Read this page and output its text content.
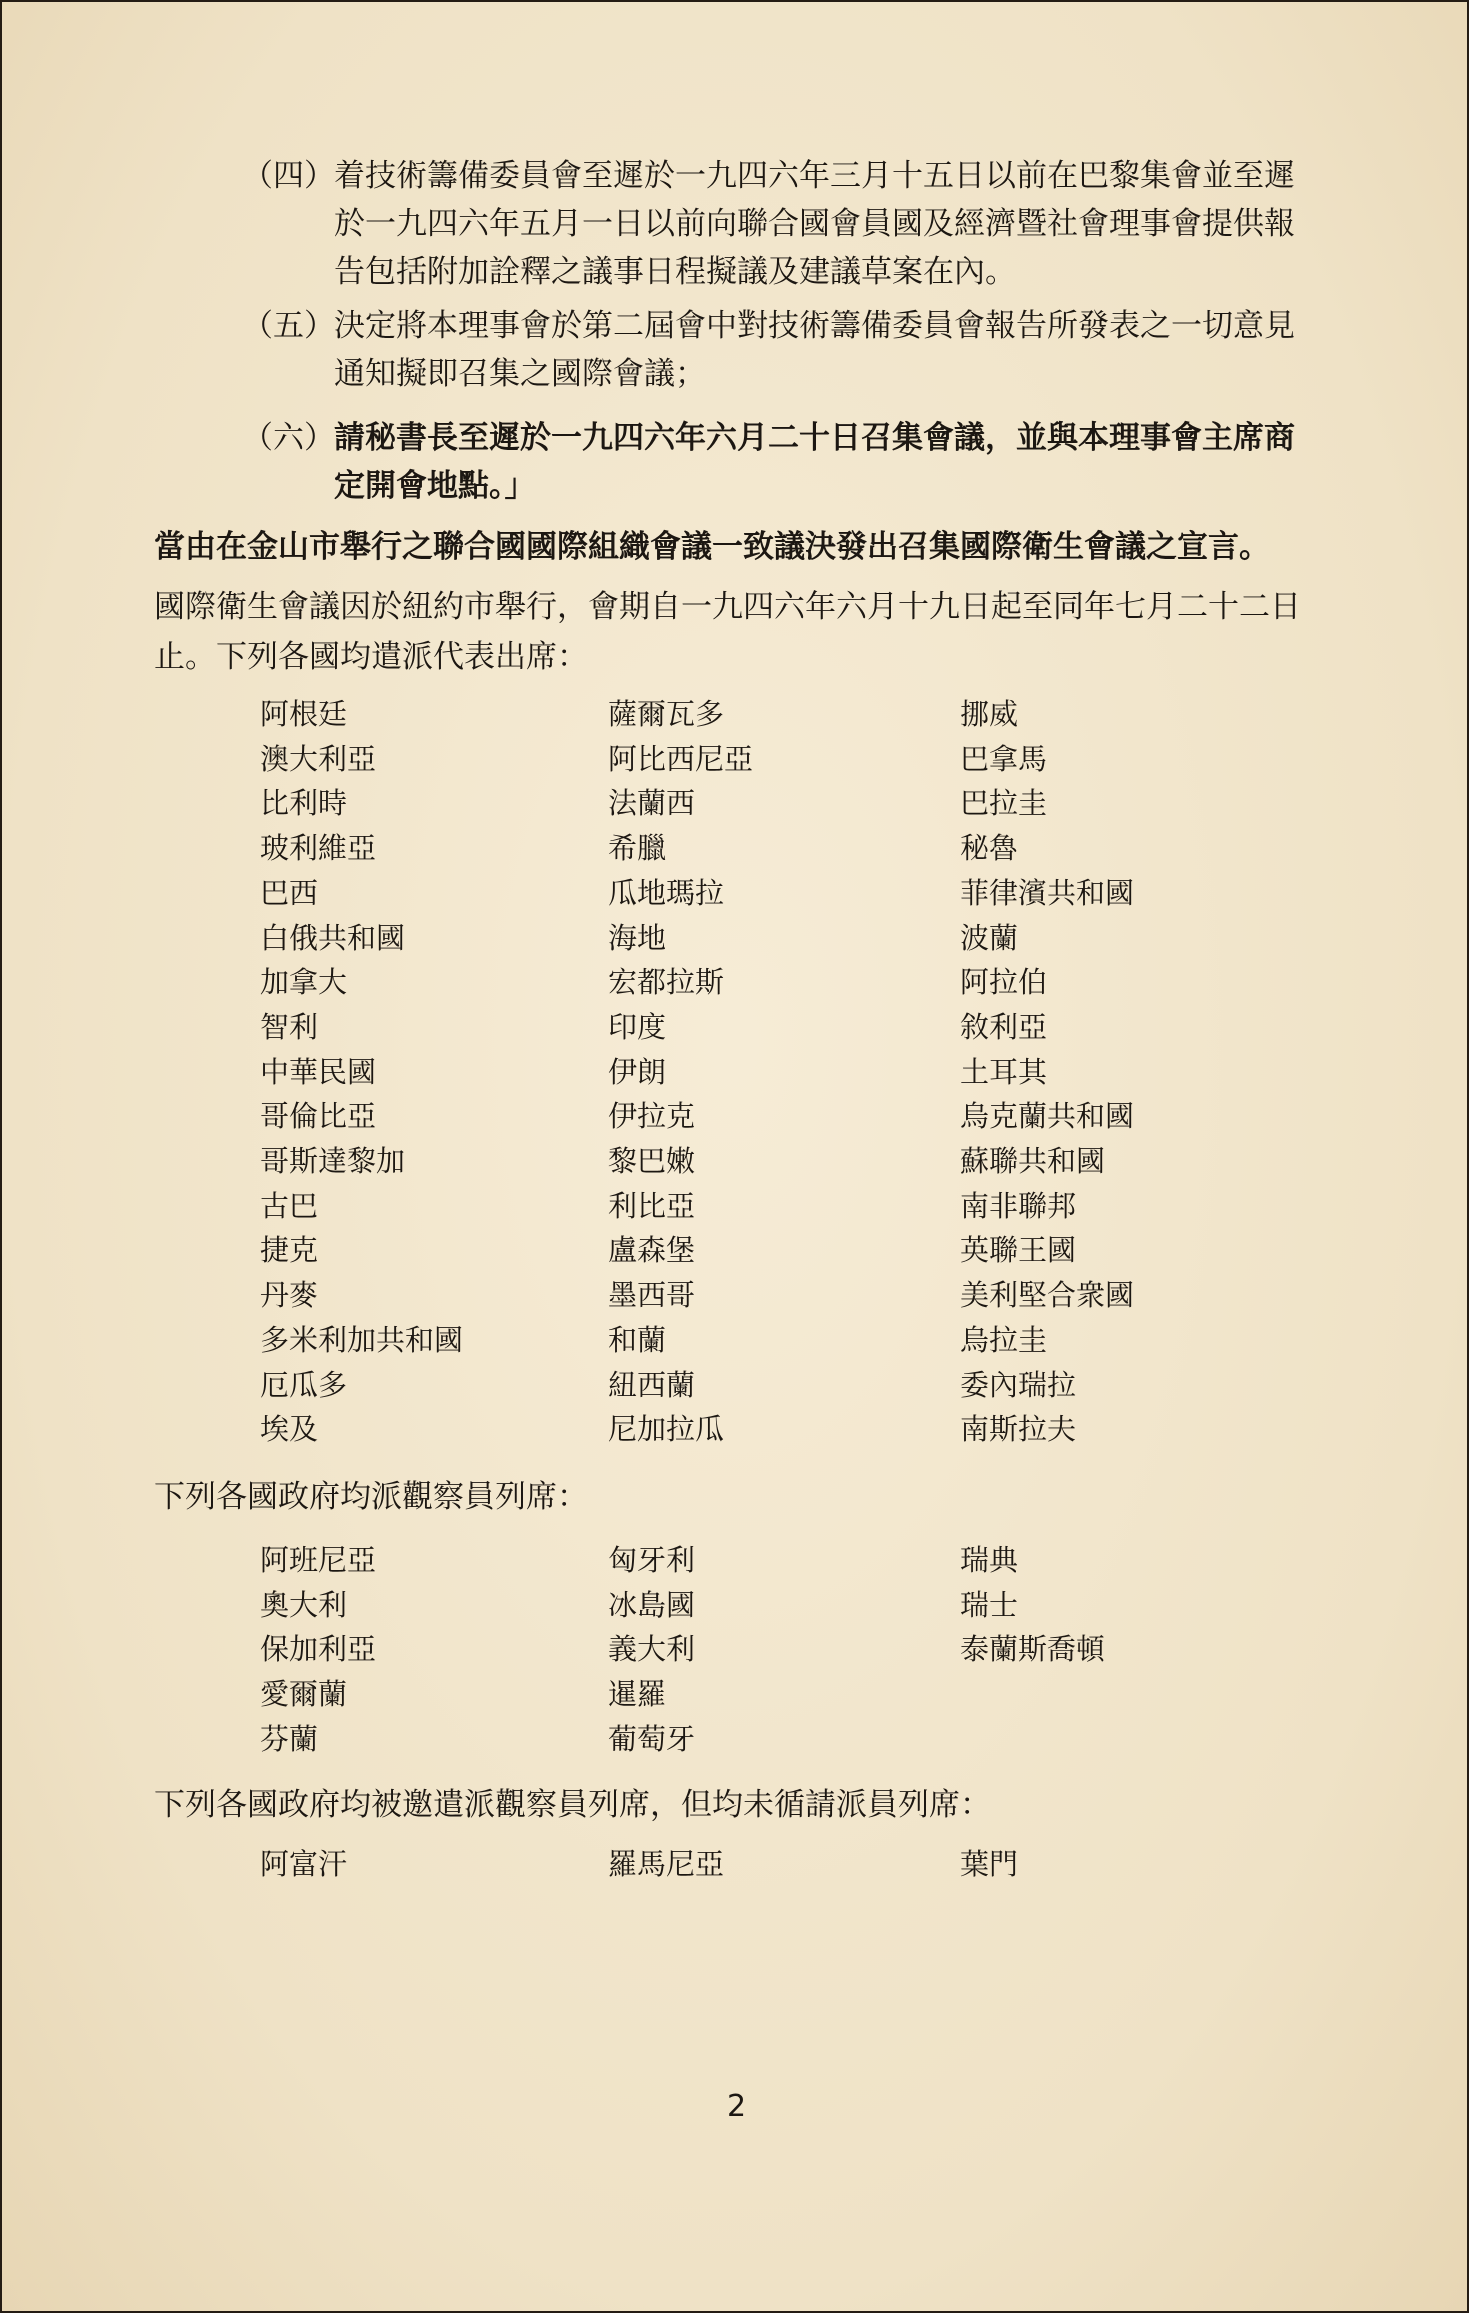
（四） 着技術籌備委員會至遲於一九四六年三月十五日以前在巴黎集會並至遲於一九四六年五月一日以前向聯合國會員國及經濟暨社會理事會提供報告包括附加詮釋之議事日程擬議及建議草案在內。
（五） 決定將本理事會於第二屆會中對技術籌備委員會報告所發表之一切意見通知擬即召集之國際會議；
（六） 請秘書長至遲於一九四六年六月二十日召集會議，並與本理事會主席商定開會地點。」
當由在金山市舉行之聯合國國際組織會議一致議決發出召集國際衛生會議之宣言。
國際衛生會議因於紐約市舉行，會期自一九四六年六月十九日起至同年七月二十二日止。下列各國均遣派代表出席：
阿根廷
澳大利亞
比利時
玻利維亞
巴西
白俄共和國
加拿大
智利
中華民國
哥倫比亞
哥斯達黎加
古巴
捷克
丹麥
多米利加共和國
厄瓜多
埃及
薩爾瓦多
阿比西尼亞
法蘭西
希臘
瓜地瑪拉
海地
宏都拉斯
印度
伊朗
伊拉克
黎巴嫩
利比亞
盧森堡
墨西哥
和蘭
紐西蘭
尼加拉瓜
挪威
巴拿馬
巴拉圭
秘魯
菲律濱共和國
波蘭
阿拉伯
敘利亞
土耳其
烏克蘭共和國
蘇聯共和國
南非聯邦
英聯王國
美利堅合衆國
烏拉圭
委內瑞拉
南斯拉夫
下列各國政府均派觀察員列席：
阿班尼亞
奧大利
保加利亞
愛爾蘭
芬蘭
匈牙利
冰島國
義大利
暹羅
葡萄牙
瑞典
瑞士
泰蘭斯喬頓
下列各國政府均被邀遣派觀察員列席，但均未循請派員列席：
阿富汗	羅馬尼亞	葉門
2
